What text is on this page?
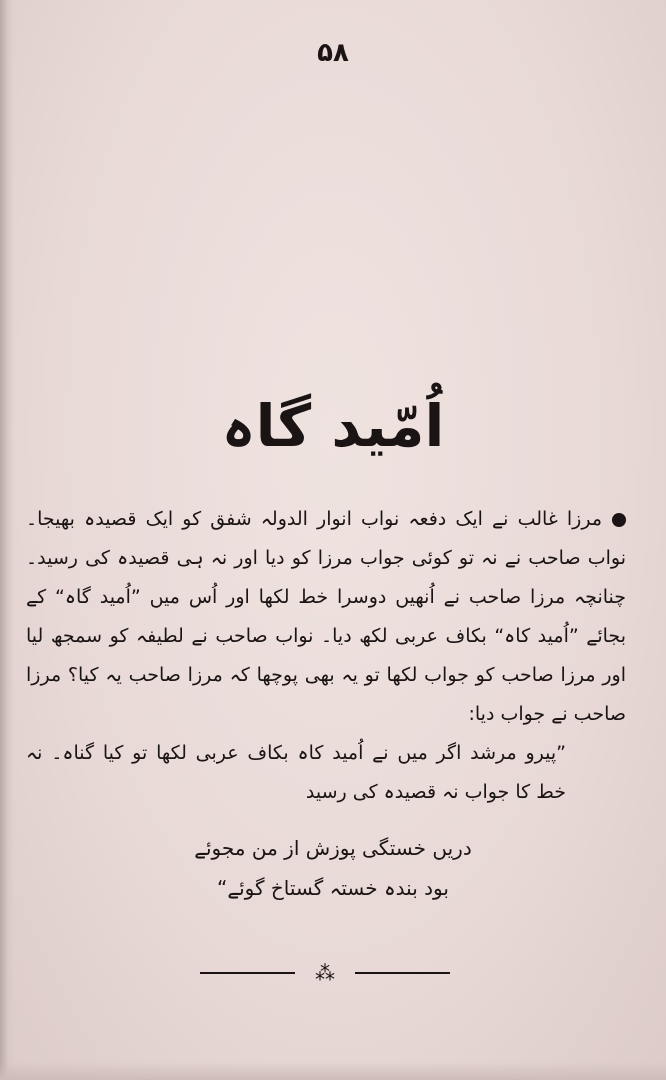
۵۸
اُمّید گاہ

مرزا غالب نے ایک دفعہ نواب انوار الدولہ شفق کو ایک قصیدہ بھیجا۔ نواب صاحب نے نہ تو کوئی جواب مرزا کو دیا اور نہ ہی قصیدہ کی رسید۔ چنانچہ مرزا صاحب نے اُنھیں دوسرا خط لکھا اور اُس میں ”اُمید گاہ“ کے بجائے ”اُمید کاہ“ بکاف عربی لکھ دیا۔ نواب صاحب نے لطیفہ کو سمجھ لیا اور مرزا صاحب کو جواب لکھا تو یہ بھی پوچھا کہ مرزا صاحب یہ کیا؟ مرزا صاحب نے جواب دیا:

”پیرو مرشد اگر میں نے اُمید کاہ بکاف عربی لکھا تو کیا گناہ۔ نہ خط کا جواب نہ قصیدہ کی رسید

دریں خستگی پوزش از من مجوئے
بود بندہ خستہ گستاخ گوئے“
⁂
